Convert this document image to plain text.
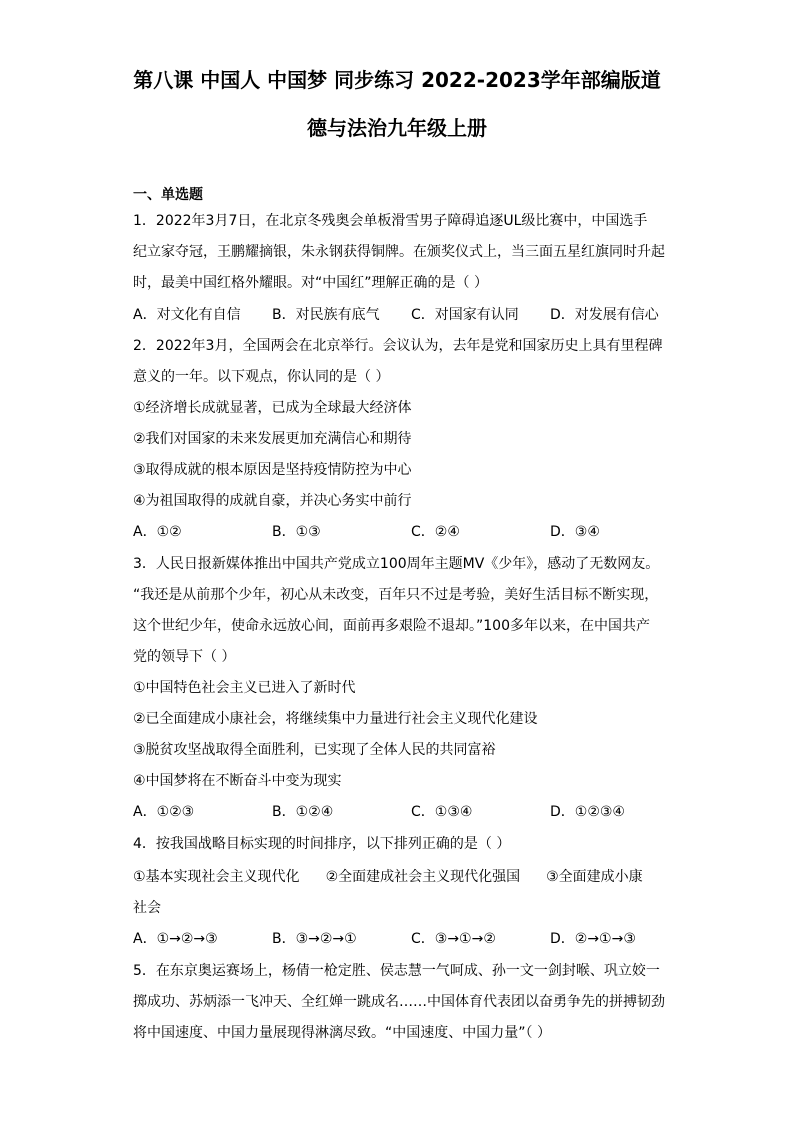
第八课 中国人 中国梦 同步练习 2022-2023学年部编版道
德与法治九年级上册
一、单选题
1．2022年3月7日，在北京冬残奥会单板滑雪男子障碍追逐UL级比赛中，中国选手
纪立家夺冠，王鹏耀摘银，朱永钢获得铜牌。在颁奖仪式上，当三面五星红旗同时升起
时，最美中国红格外耀眼。对“中国红”理解正确的是（ ）
A．对文化有自信 B．对民族有底气 C．对国家有认同 D．对发展有信心
2．2022年3月，全国两会在北京举行。会议认为，去年是党和国家历史上具有里程碑
意义的一年。以下观点，你认同的是（ ）
①经济增长成就显著，已成为全球最大经济体
②我们对国家的未来发展更加充满信心和期待
③取得成就的根本原因是坚持疫情防控为中心
④为祖国取得的成就自豪，并决心务实中前行
A．①②	B．①③	C．②④	D．③④
3．人民日报新媒体推出中国共产党成立100周年主题MV《少年》，感动了无数网友。
“我还是从前那个少年，初心从未改变，百年只不过是考验，美好生活目标不断实现，
这个世纪少年，使命永远放心间，面前再多艰险不退却。”100多年以来，在中国共产
党的领导下（ ）
①中国特色社会主义已进入了新时代
②已全面建成小康社会，将继续集中力量进行社会主义现代化建设
③脱贫攻坚战取得全面胜利，已实现了全体人民的共同富裕
④中国梦将在不断奋斗中变为现实
A．①②③	B．①②④	C．①③④	D．①②③④
4．按我国战略目标实现的时间排序，以下排列正确的是（ ）
①基本实现社会主义现代化 ②全面建成社会主义现代化强国 ③全面建成小康
社会
A．①→②→③	B．③→②→①	C．③→①→②	D．②→①→③
5．在东京奥运赛场上，杨倩一枪定胜、侯志慧一气呵成、孙一文一剑封喉、巩立姣一
掷成功、苏炳添一飞冲天、全红婵一跳成名……中国体育代表团以奋勇争先的拼搏韧劲
将中国速度、中国力量展现得淋漓尽致。“中国速度、中国力量”（ ）
